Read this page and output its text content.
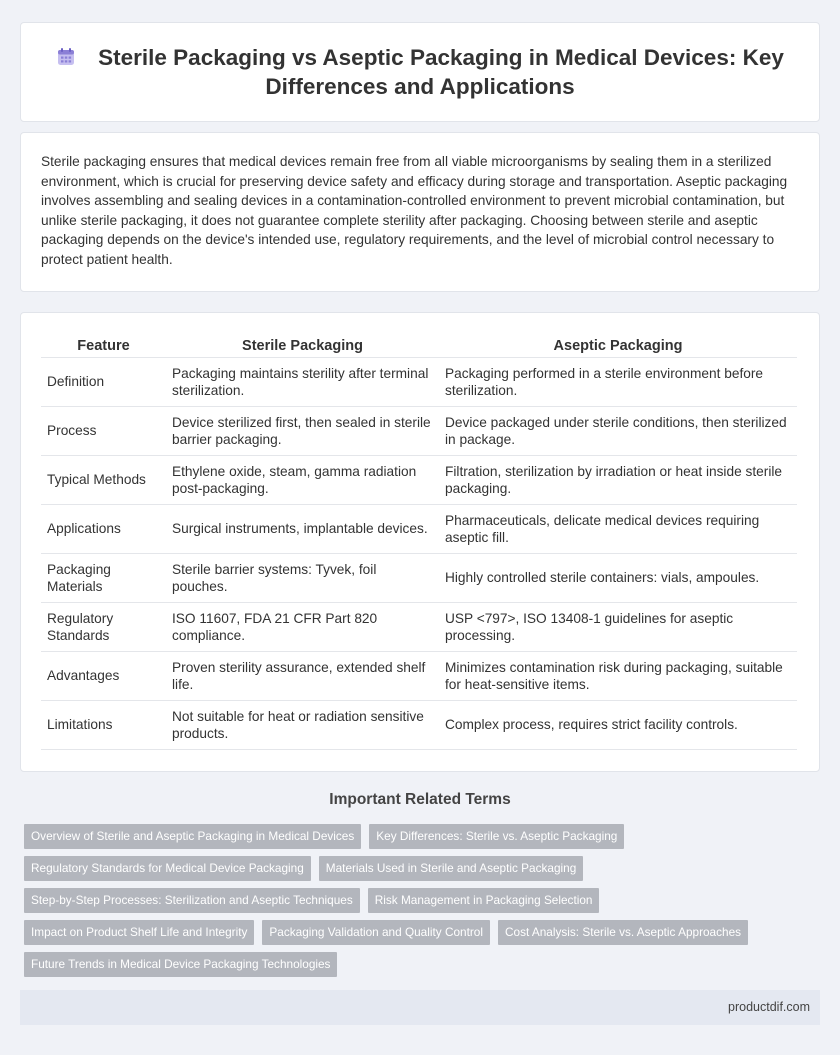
Sterile Packaging vs Aseptic Packaging in Medical Devices: Key Differences and Applications

Sterile packaging ensures that medical devices remain free from all viable microorganisms by sealing them in a sterilized environment, which is crucial for preserving device safety and efficacy during storage and transportation. Aseptic packaging involves assembling and sealing devices in a contamination-controlled environment to prevent microbial contamination, but unlike sterile packaging, it does not guarantee complete sterility after packaging. Choosing between sterile and aseptic packaging depends on the device's intended use, regulatory requirements, and the level of microbial control necessary to protect patient health.

Feature	Sterile Packaging	Aseptic Packaging
Definition	Packaging maintains sterility after terminal sterilization.	Packaging performed in a sterile environment before sterilization.
Process	Device sterilized first, then sealed in sterile barrier packaging.	Device packaged under sterile conditions, then sterilized in package.
Typical Methods	Ethylene oxide, steam, gamma radiation post-packaging.	Filtration, sterilization by irradiation or heat inside sterile packaging.
Applications	Surgical instruments, implantable devices.	Pharmaceuticals, delicate medical devices requiring aseptic fill.
Packaging Materials	Sterile barrier systems: Tyvek, foil pouches.	Highly controlled sterile containers: vials, ampoules.
Regulatory Standards	ISO 11607, FDA 21 CFR Part 820 compliance.	USP <797>, ISO 13408-1 guidelines for aseptic processing.
Advantages	Proven sterility assurance, extended shelf life.	Minimizes contamination risk during packaging, suitable for heat-sensitive items.
Limitations	Not suitable for heat or radiation sensitive products.	Complex process, requires strict facility controls.
Important Related Terms
Overview of Sterile and Aseptic Packaging in Medical Devices	Key Differences: Sterile vs. Aseptic Packaging
Regulatory Standards for Medical Device Packaging	Materials Used in Sterile and Aseptic Packaging
Step-by-Step Processes: Sterilization and Aseptic Techniques	Risk Management in Packaging Selection
Impact on Product Shelf Life and Integrity	Packaging Validation and Quality Control	Cost Analysis: Sterile vs. Aseptic Approaches
Future Trends in Medical Device Packaging Technologies
productdif.com
